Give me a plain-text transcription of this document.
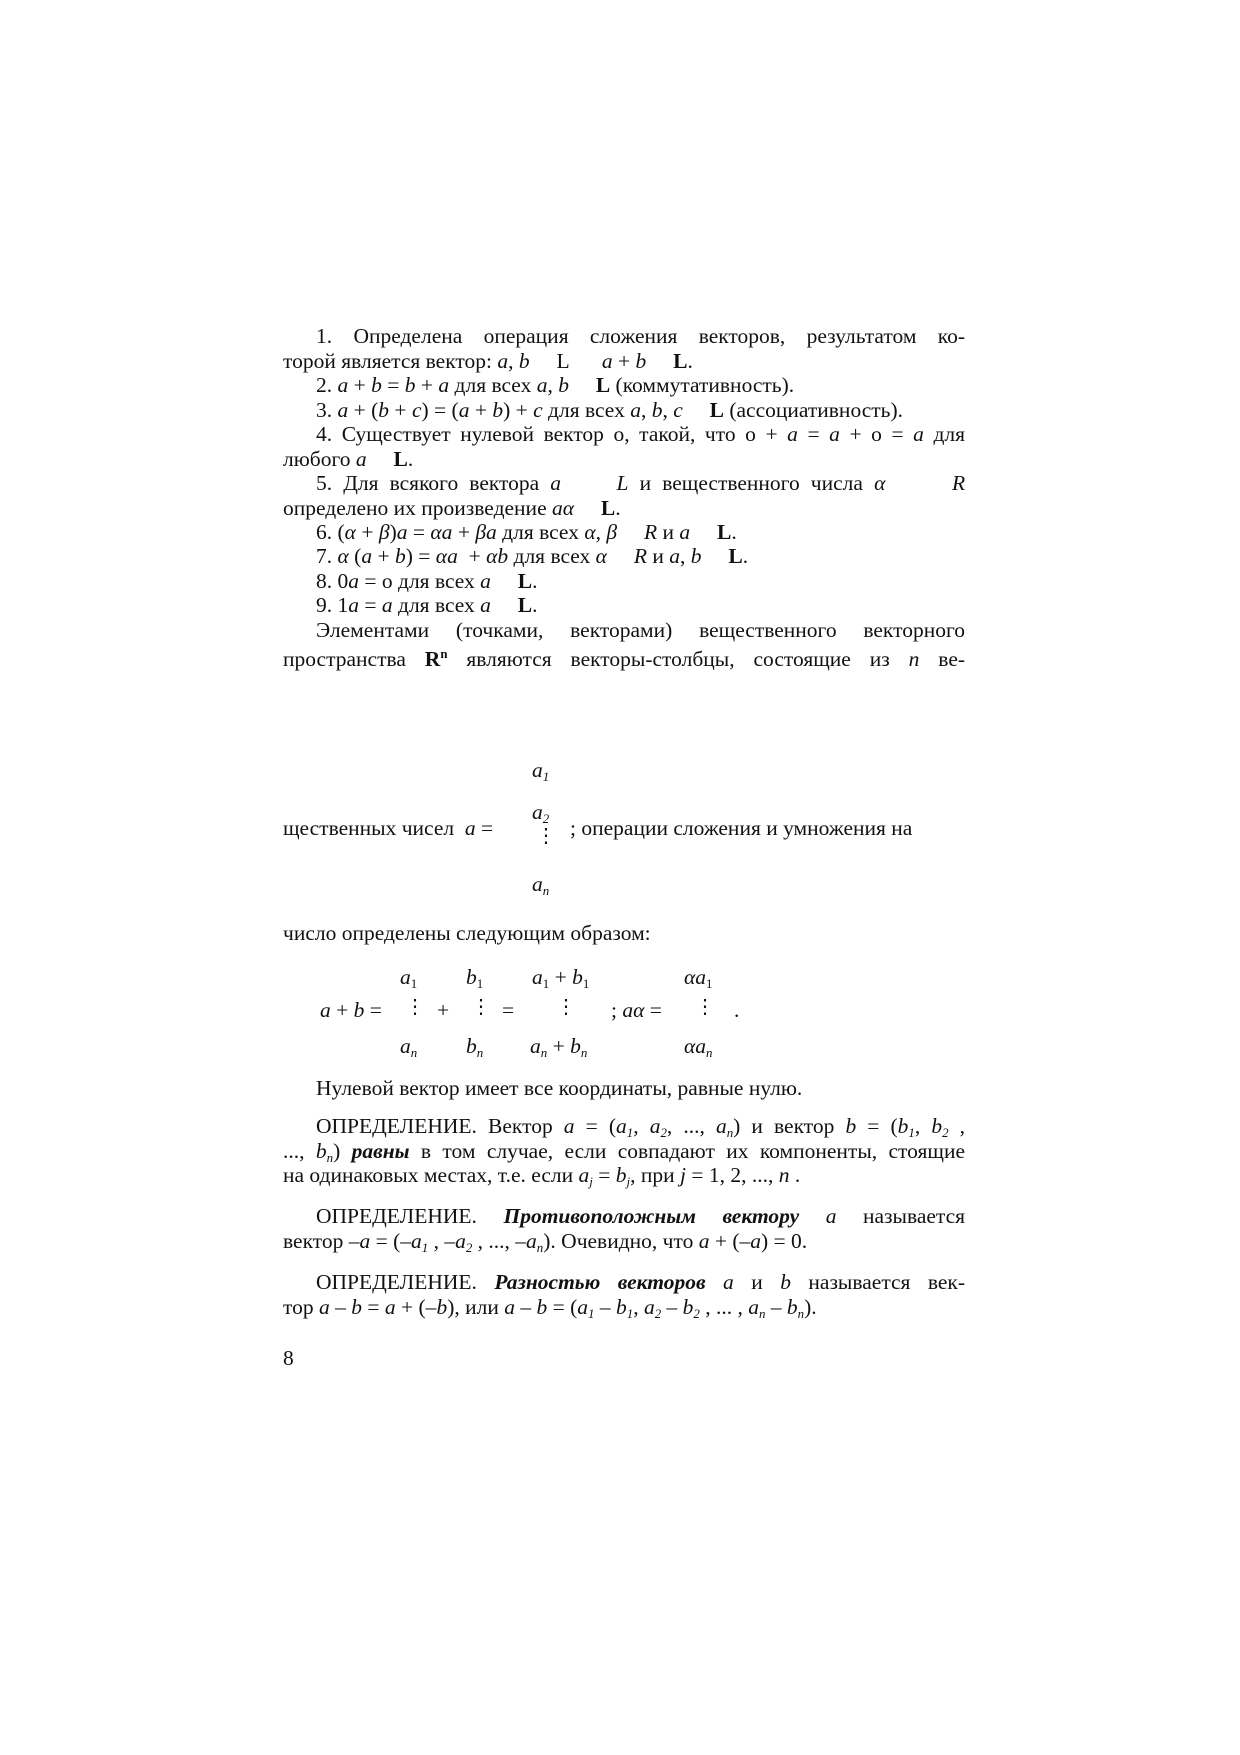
1. Определена операция сложения векторов, результатом ко-
торой является вектор: a, b L a + b L.
2. a + b = b + a для всех a, b L (коммутативность).
3. a + (b + c) = (a + b) + c для всех a, b, c L (ассоциативность).
4. Существует нулевой вектор о, такой, что о + a = a + о = a для
любого a L.
5. Для всякого вектора a	L и вещественного числа α	R
определено их произведение aα L.
6. (α + β)a = αa + βa для всех α, β R и a L.
7. α (a + b) = αa  + αb для всех α R и a, b L.
8. 0a = о для всех a L.
9. 1a = a для всех a L.
Элементами (точками, векторами) вещественного векторного
пространства $R^n$ являются векторы-столбцы, состоящие из n ве-
$a_1$
$a_2$
⋮
$a_n$
щественных чисел a =	; операции сложения и умножения на
число определены следующим образом:
$a_1$ $b_1$ $a_1 + b_1$	$\alpha a_1$
a + b = ⋮ + ⋮ = ⋮ ; aα = ⋮ .
$a_n$ $b_n$ $a_n + b_n$	$\alpha a_n$
Нулевой вектор имеет все координаты, равные нулю.
ОПРЕДЕЛЕНИЕ. Вектор $a = (a_1$, $a_2$, ..., $a_n$) и вектор $b = (b_1$, $b_2$ ,
..., $b_n$) равны в том случае, если совпадают их компоненты, стоящие
на одинаковых местах, т.е. если $a_j = b_j$, при j = 1, 2, ..., n .
ОПРЕДЕЛЕНИЕ. Противоположным вектору a называется
вектор $-a = (-a_1$ , $-a_2$ , ..., $-a_n$). Очевидно, что a + (–a) = 0.
ОПРЕДЕЛЕНИЕ. Разностью векторов a и b называется век-
тор a – b = a + (–b), или $a - b = (a_1 - b_1$, $a_2 - b_2$ , ... , $a_n - b_n$).
8
